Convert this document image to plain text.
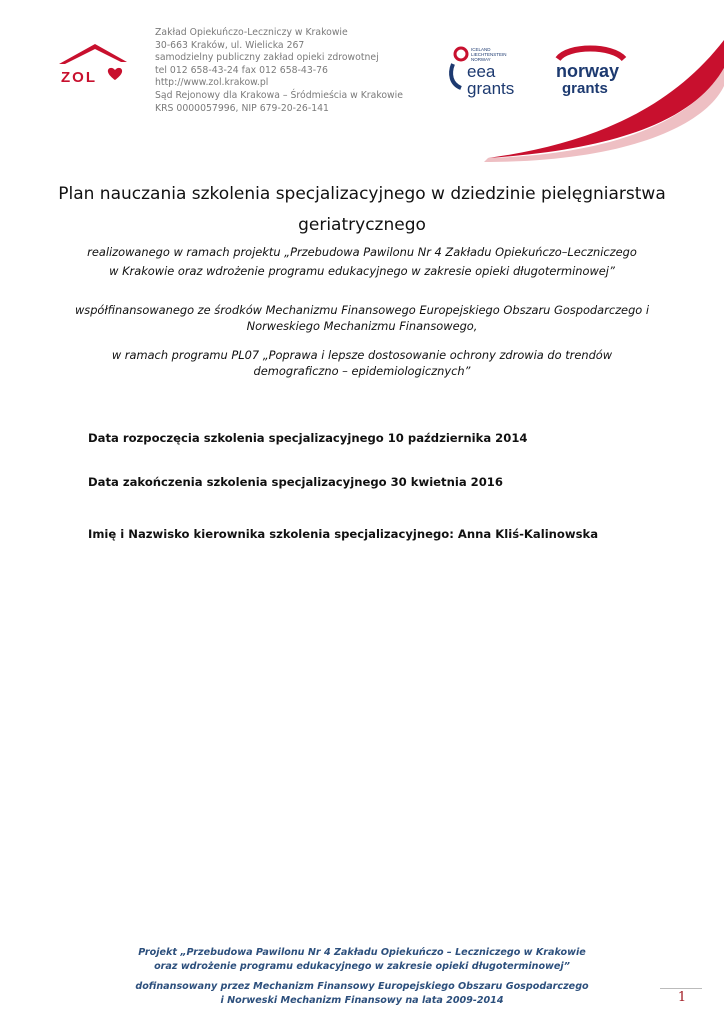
ZOL
ICELAND
LIECHTENSTEIN
NORWAY
eea
grants
norway
grants
Zakład Opiekuńczo-Leczniczy w Krakowie
30-663 Kraków, ul. Wielicka 267
samodzielny publiczny zakład opieki zdrowotnej
tel 012 658-43-24 fax 012 658-43-76
http://www.zol.krakow.pl
Sąd Rejonowy dla Krakowa – Śródmieścia w Krakowie
KRS 0000057996, NIP 679-20-26-141
Plan nauczania szkolenia specjalizacyjnego w dziedzinie pielęgniarstwa
geriatrycznego
realizowanego w ramach projektu „Przebudowa Pawilonu Nr 4 Zakładu Opiekuńczo–Leczniczego
w Krakowie oraz wdrożenie programu edukacyjnego w zakresie opieki długoterminowej”
współfinansowanego ze środków Mechanizmu Finansowego Europejskiego Obszaru Gospodarczego i
Norweskiego Mechanizmu Finansowego,
w ramach programu PL07 „Poprawa i lepsze dostosowanie ochrony zdrowia do trendów
demograficzno – epidemiologicznych”
Data rozpoczęcia szkolenia specjalizacyjnego 10 października 2014
Data zakończenia szkolenia specjalizacyjnego 30 kwietnia 2016
Imię i Nazwisko kierownika szkolenia specjalizacyjnego: Anna Kliś-Kalinowska
Projekt „Przebudowa Pawilonu Nr 4 Zakładu Opiekuńczo – Leczniczego w Krakowie
oraz wdrożenie programu edukacyjnego w zakresie opieki długoterminowej”
dofinansowany przez Mechanizm Finansowy Europejskiego Obszaru Gospodarczego
i Norweski Mechanizm Finansowy na lata 2009-2014	1
